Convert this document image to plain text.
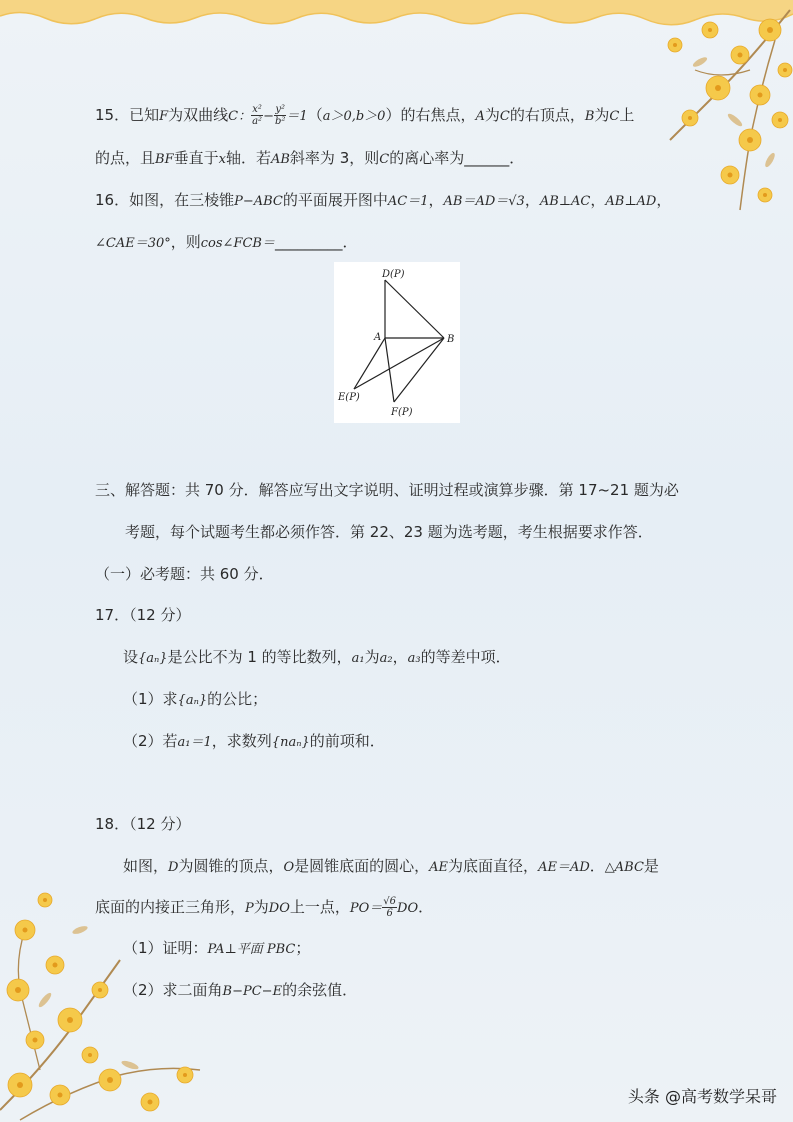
15．已知F为双曲线C： $\frac{\text{x²}}{\text{a²}} - \frac{\text{y²}}{\text{b²}} =1(a>0,b>0)$的右焦点，A为C的右顶点，B为C上
的点，且BF垂直于x轴．若AB斜率为 3，则C的离心率为______．
16．如图，在三棱锥P−ABC的平面展开图中AC＝1，AB＝AD＝√3，AB⊥AC，AB⊥AD，
∠CAE＝30°，则cos∠FCB＝_________．
D(P)
A	B
E(P)
F(P)
三、解答题：共 70 分．解答应写出文字说明、证明过程或演算步骤．第 17~21 题为必
考题，每个试题考生都必须作答．第 22、23 题为选考题，考生根据要求作答．
（一）必考题：共 60 分．
17．（12 分）
设{aₙ}是公比不为 1 的等比数列，a₁为a₂，a₃的等差中项．
（1）求{aₙ}的公比；
（2）若a₁＝1，求数列{naₙ}的前项和．
18．（12 分）
如图，D为圆锥的顶点，O是圆锥底面的圆心，AE为底面直径，AE＝AD．△ABC是
底面的内接正三角形，P为DO上一点，$PO= \frac{√6}{6}$ DO．
（1）证明：PA⊥平面 PBC；
（2）求二面角B−PC−E的余弦值．
头条 @高考数学呆哥
